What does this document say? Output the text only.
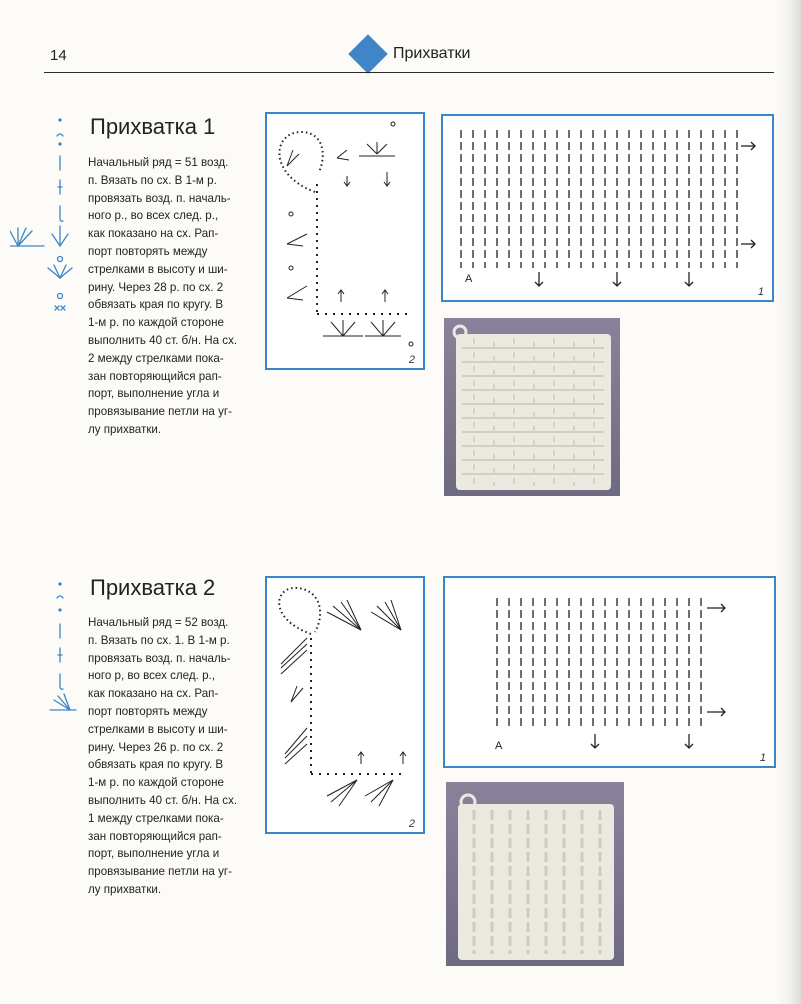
14	Прихватки
Прихватка 1

Начальный ряд = 51 возд.
п. Вязать по сх. В 1-м р.
провязать возд. п. началь-
ного р., во всех след. р.,
как показано на сх. Рап-
порт повторять между
стрелками в высоту и ши-
рину. Через 28 р. по сх. 2
обвязать края по кругу. В
1-м р. по каждой стороне
выполнить 40 ст. б/н. На сх.
2 между стрелками пока-
зан повторяющийся рап-
порт, выполнение угла и
провязывание петли на уг-
лу прихватки.

2
A
1
Прихватка 2

Начальный ряд = 52 возд.
п. Вязать по сх. 1. В 1-м р.
провязать возд. п. началь-
ного р, во всех след. р.,
как показано на сх. Рап-
порт повторять между
стрелками в высоту и ши-
рину. Через 26 р. по сх. 2
обвязать края по кругу. В
1-м р. по каждой стороне
выполнить 40 ст. б/н. На сх.
1 между стрелками пока-
зан повторяющийся рап-
порт, выполнение угла и
провязывание петли на уг-
лу прихватки.

2
A
1
